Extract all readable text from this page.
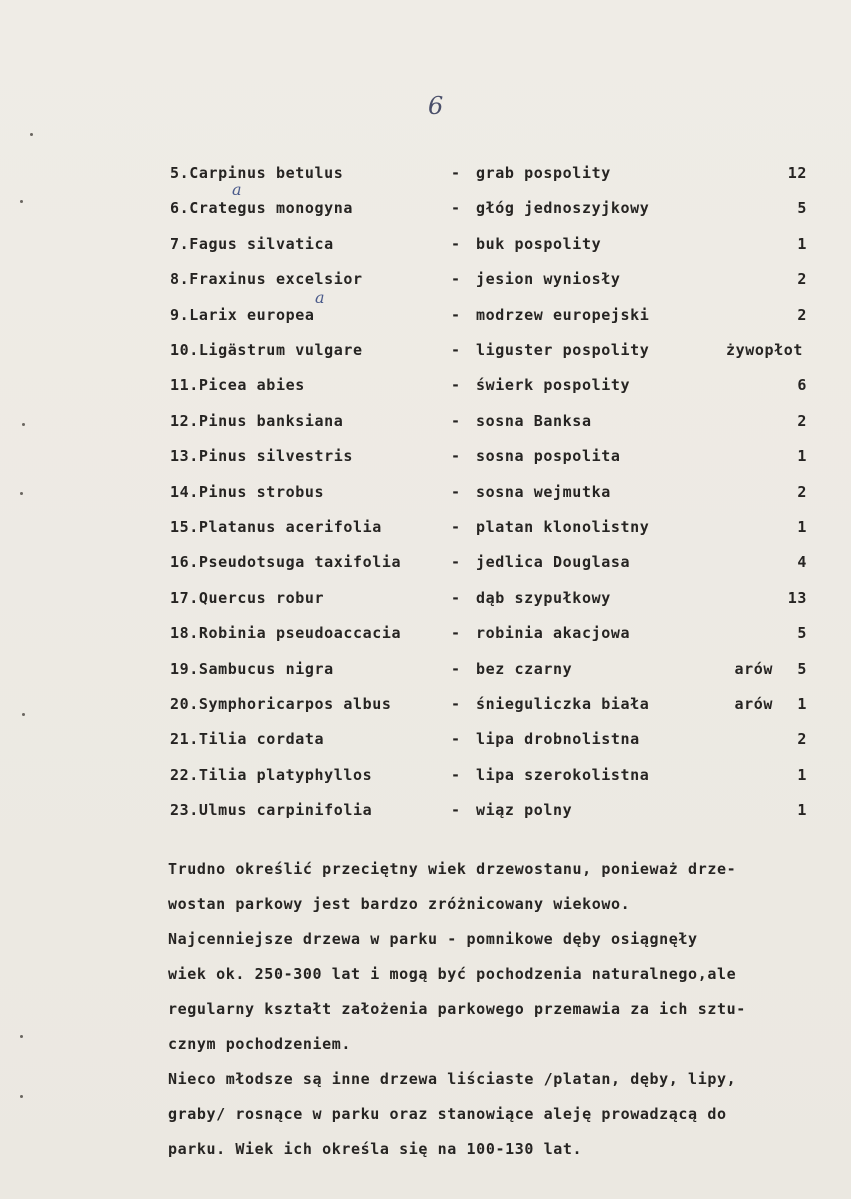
6
a
a
5.Carpinus betulus	- grab pospolity	12
6.Crategus monogyna	- głóg jednoszyjkowy	5
7.Fagus silvatica	- buk pospolity	1
8.Fraxinus excelsior	- jesion wyniosły	2
9.Larix europea	- modrzew europejski	2
10.Ligästrum vulgare	- liguster pospolity	żywopłot
11.Picea abies	- świerk pospolity	6
12.Pinus banksiana	- sosna Banksa	2
13.Pinus silvestris	- sosna pospolita	1
14.Pinus strobus	- sosna wejmutka	2
15.Platanus acerifolia	- platan klonolistny	1
16.Pseudotsuga taxifolia	- jedlica Douglasa	4
17.Quercus robur	- dąb szypułkowy	13
18.Robinia pseudoaccacia	- robinia akacjowa	5
19.Sambucus nigra	- bez czarny	arów 5
20.Symphoricarpos albus	- śnieguliczka biała	arów 1
21.Tilia cordata	- lipa drobnolistna	2
22.Tilia platyphyllos	- lipa szerokolistna	1
23.Ulmus carpinifolia	- wiąz polny	1
Trudno określić przeciętny wiek drzewostanu, ponieważ drze-
wostan parkowy jest bardzo zróżnicowany wiekowo.
Najcenniejsze drzewa w parku - pomnikowe dęby osiągnęły
wiek ok. 250-300 lat i mogą być pochodzenia naturalnego,ale
regularny kształt założenia parkowego przemawia za ich sztu-
cznym pochodzeniem.
Nieco młodsze są inne drzewa liściaste /platan, dęby, lipy,
graby/ rosnące w parku oraz stanowiące aleję prowadzącą do
parku. Wiek ich określa się na 100-130 lat.
